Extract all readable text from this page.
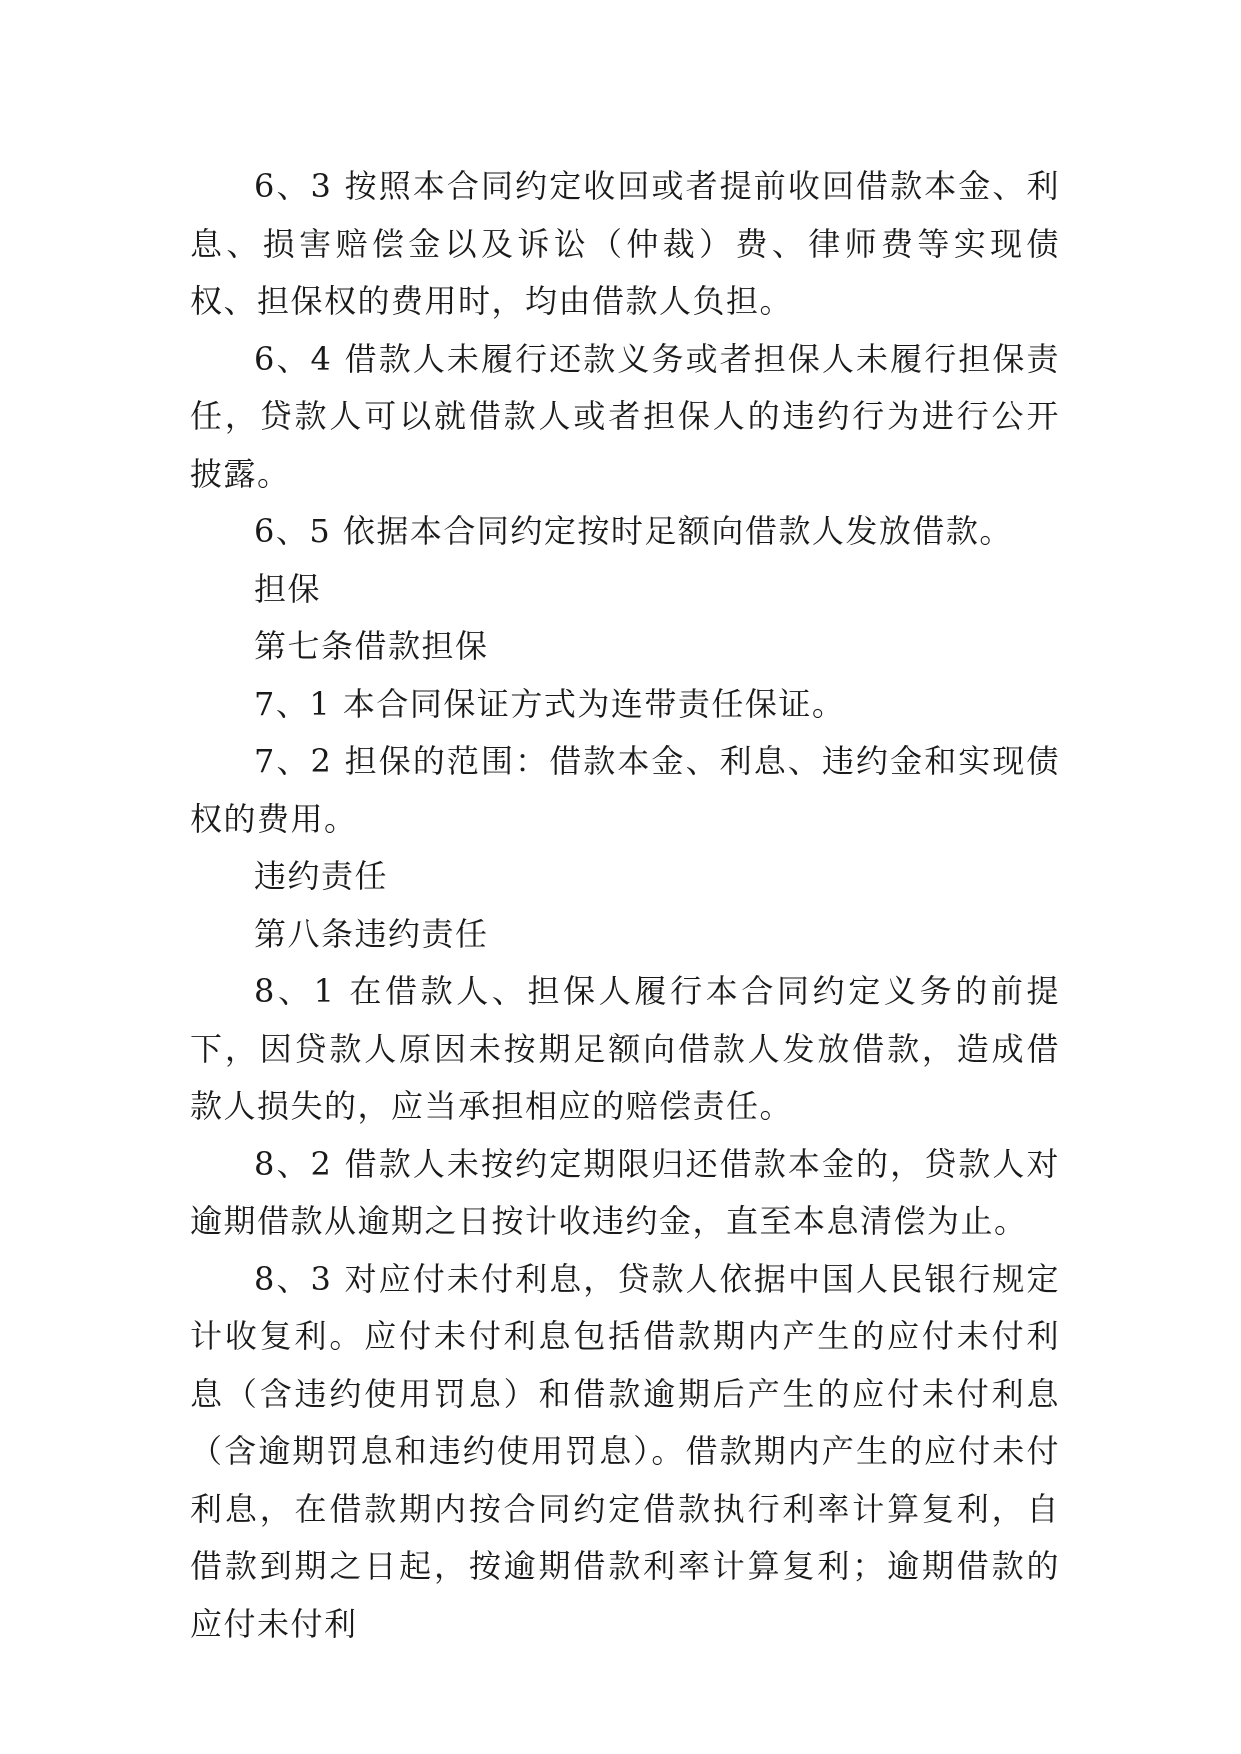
6、3 按照本合同约定收回或者提前收回借款本金、利息、损害赔偿金以及诉讼（仲裁）费、律师费等实现债权、担保权的费用时，均由借款人负担。

6、4 借款人未履行还款义务或者担保人未履行担保责任，贷款人可以就借款人或者担保人的违约行为进行公开披露。

6、5 依据本合同约定按时足额向借款人发放借款。

担保

第七条借款担保

7、1 本合同保证方式为连带责任保证。

7、2 担保的范围：借款本金、利息、违约金和实现债权的费用。

违约责任

第八条违约责任

8、1 在借款人、担保人履行本合同约定义务的前提下，因贷款人原因未按期足额向借款人发放借款，造成借款人损失的，应当承担相应的赔偿责任。

8、2 借款人未按约定期限归还借款本金的，贷款人对逾期借款从逾期之日按计收违约金，直至本息清偿为止。

8、3 对应付未付利息，贷款人依据中国人民银行规定计收复利。应付未付利息包括借款期内产生的应付未付利息（含违约使用罚息）和借款逾期后产生的应付未付利息（含逾期罚息和违约使用罚息）。借款期内产生的应付未付利息，在借款期内按合同约定借款执行利率计算复利，自借款到期之日起，按逾期借款利率计算复利；逾期借款的应付未付利
